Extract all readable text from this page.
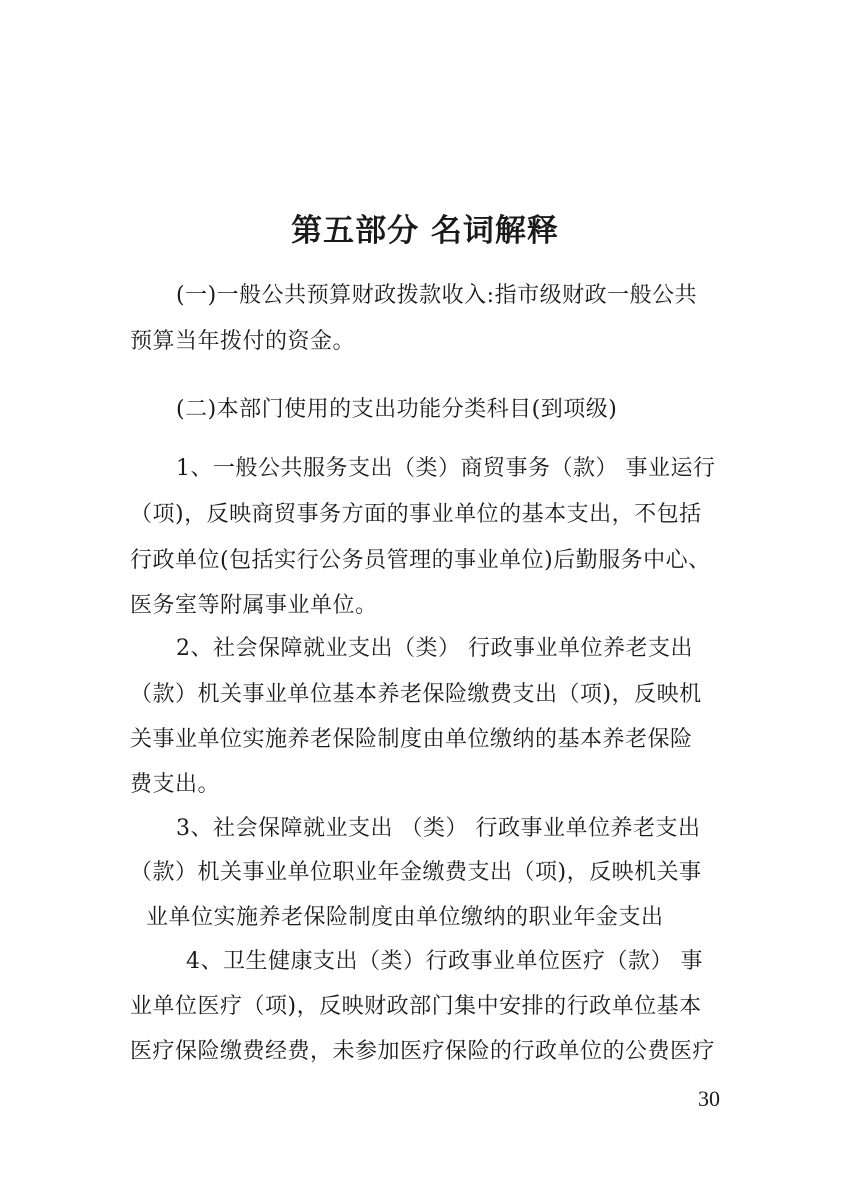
第五部分 名词解释

(一)一般公共预算财政拨款收入:指市级财政一般公共

预算当年拨付的资金。

(二)本部门使用的支出功能分类科目(到项级)

1、一般公共服务支出（类）商贸事务（款） 事业运行

（项)，反映商贸事务方面的事业单位的基本支出，不包括

行政单位(包括实行公务员管理的事业单位)后勤服务中心、

医务室等附属事业单位。

2、社会保障就业支出（类） 行政事业单位养老支出

（款）机关事业单位基本养老保险缴费支出（项)，反映机

关事业单位实施养老保险制度由单位缴纳的基本养老保险

费支出。

3、社会保障就业支出 （类） 行政事业单位养老支出

（款）机关事业单位职业年金缴费支出（项)，反映机关事

业单位实施养老保险制度由单位缴纳的职业年金支出

4、卫生健康支出（类）行政事业单位医疗（款） 事

业单位医疗（项)，反映财政部门集中安排的行政单位基本

医疗保险缴费经费，未参加医疗保险的行政单位的公费医疗

30
